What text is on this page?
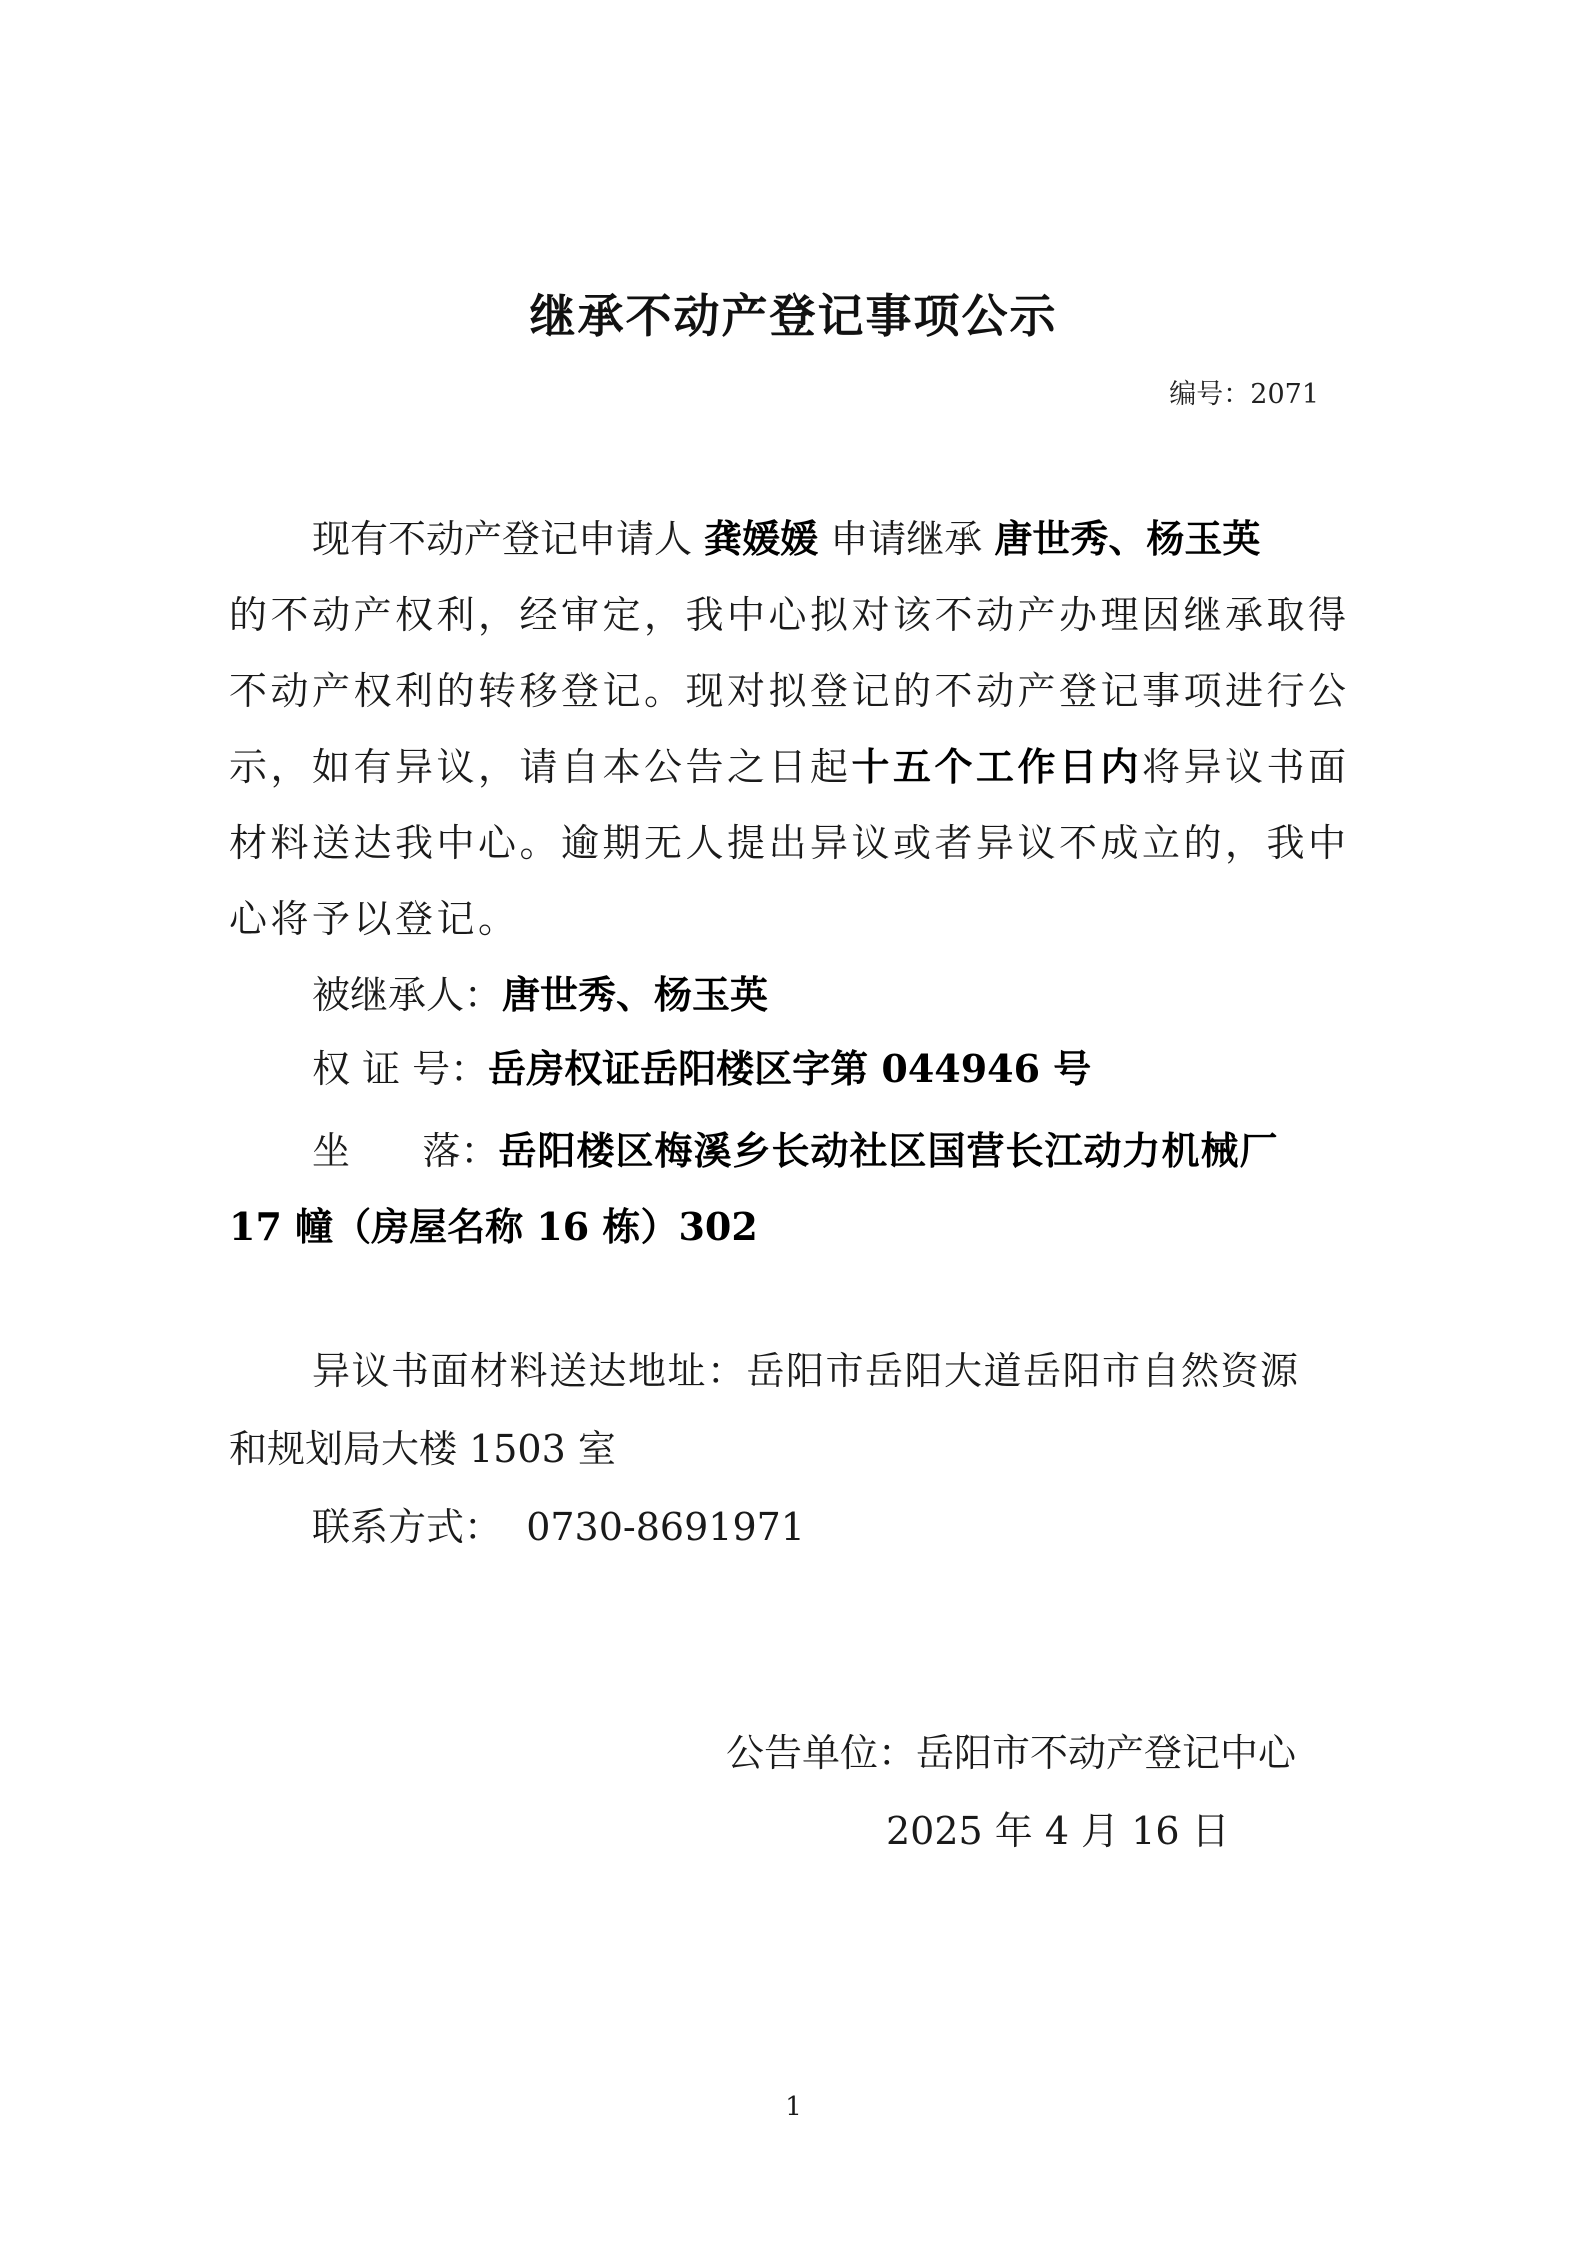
继承不动产登记事项公示
编号：2071
现有不动产登记申请人 龚媛媛 申请继承 唐世秀、杨玉英
的不动产权利，经审定，我中心拟对该不动产办理因继承取得
不动产权利的转移登记。现对拟登记的不动产登记事项进行公
示，如有异议，请自本公告之日起十五个工作日内将异议书面
材料送达我中心。逾期无人提出异议或者异议不成立的，我中
心将予以登记。
被继承人：唐世秀、杨玉英
权 证 号：岳房权证岳阳楼区字第 044946 号
坐      落：岳阳楼区梅溪乡长动社区国营长江动力机械厂
17 幢（房屋名称 16 栋）302
异议书面材料送达地址：岳阳市岳阳大道岳阳市自然资源
和规划局大楼 1503 室
联系方式： 0730-8691971
公告单位：岳阳市不动产登记中心
2025 年 4 月 16 日
1
